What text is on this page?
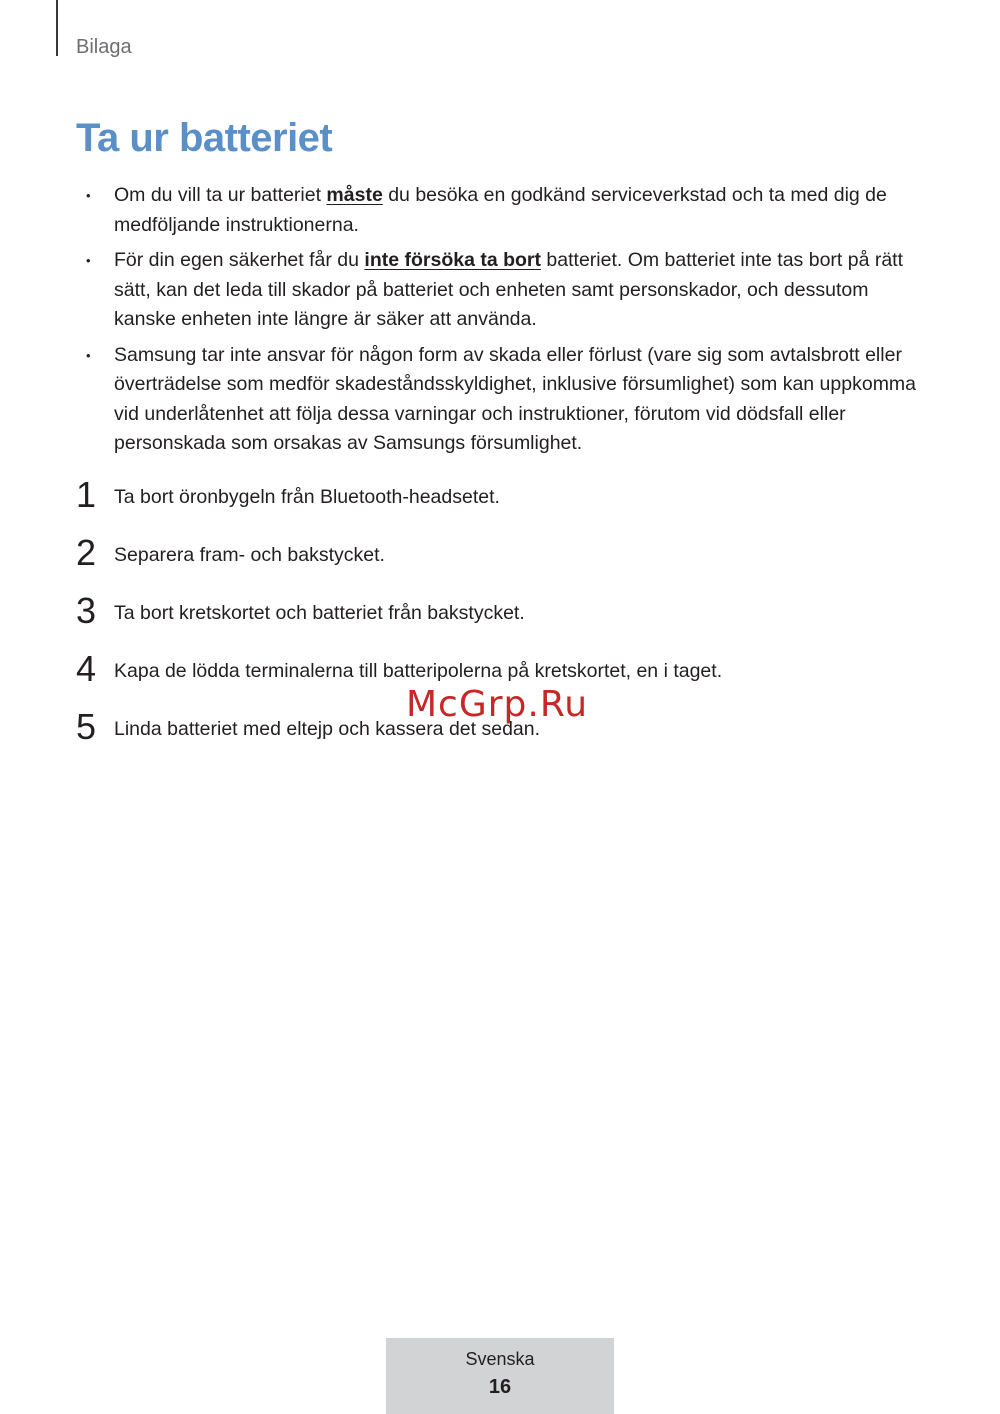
Bilaga
Ta ur batteriet
• Om du vill ta ur batteriet måste du besöka en godkänd serviceverkstad och ta med dig de medföljande instruktionerna.
• För din egen säkerhet får du inte försöka ta bort batteriet. Om batteriet inte tas bort på rätt sätt, kan det leda till skador på batteriet och enheten samt personskador, och dessutom kanske enheten inte längre är säker att använda.
• Samsung tar inte ansvar för någon form av skada eller förlust (vare sig som avtalsbrott eller överträdelse som medför skadeståndsskyldighet, inklusive försumlighet) som kan uppkomma vid underlåtenhet att följa dessa varningar och instruktioner, förutom vid dödsfall eller personskada som orsakas av Samsungs försumlighet.
1 Ta bort öronbygeln från Bluetooth-headsetet.
2 Separera fram- och bakstycket.
3 Ta bort kretskortet och batteriet från bakstycket.
4 Kapa de lödda terminalerna till batteripolerna på kretskortet, en i taget.
5 Linda batteriet med eltejp och kassera det sedan.
McGrp.Ru
Svenska
16
